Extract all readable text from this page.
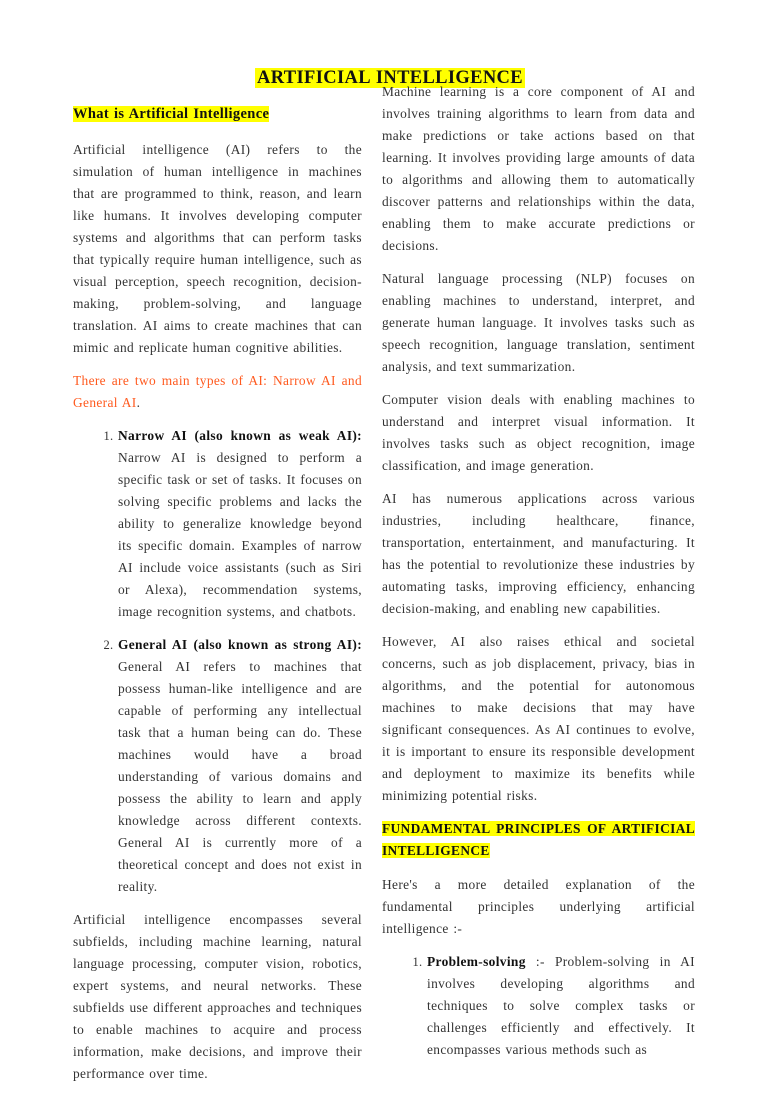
ARTIFICIAL INTELLIGENCE
What is Artificial Intelligence

Artificial intelligence (AI) refers to the simulation of human intelligence in machines that are programmed to think, reason, and learn like humans. It involves developing computer systems and algorithms that can perform tasks that typically require human intelligence, such as visual perception, speech recognition, decision-making, problem-solving, and language translation. AI aims to create machines that can mimic and replicate human cognitive abilities.

There are two main types of AI: Narrow AI and General AI.

1. Narrow AI (also known as weak AI): Narrow AI is designed to perform a specific task or set of tasks. It focuses on solving specific problems and lacks the ability to generalize knowledge beyond its specific domain. Examples of narrow AI include voice assistants (such as Siri or Alexa), recommendation systems, image recognition systems, and chatbots.
2. General AI (also known as strong AI): General AI refers to machines that possess human-like intelligence and are capable of performing any intellectual task that a human being can do. These machines would have a broad understanding of various domains and possess the ability to learn and apply knowledge across different contexts. General AI is currently more of a theoretical concept and does not exist in reality.

Artificial intelligence encompasses several subfields, including machine learning, natural language processing, computer vision, robotics, expert systems, and neural networks. These subfields use different approaches and techniques to enable machines to acquire and process information, make decisions, and improve their performance over time.

Machine learning is a core component of AI and involves training algorithms to learn from data and make predictions or take actions based on that learning. It involves providing large amounts of data to algorithms and allowing them to automatically discover patterns and relationships within the data, enabling them to make accurate predictions or decisions.

Natural language processing (NLP) focuses on enabling machines to understand, interpret, and generate human language. It involves tasks such as speech recognition, language translation, sentiment analysis, and text summarization.

Computer vision deals with enabling machines to understand and interpret visual information. It involves tasks such as object recognition, image classification, and image generation.

AI has numerous applications across various industries, including healthcare, finance, transportation, entertainment, and manufacturing. It has the potential to revolutionize these industries by automating tasks, improving efficiency, enhancing decision-making, and enabling new capabilities.

However, AI also raises ethical and societal concerns, such as job displacement, privacy, bias in algorithms, and the potential for autonomous machines to make decisions that may have significant consequences. As AI continues to evolve, it is important to ensure its responsible development and deployment to maximize its benefits while minimizing potential risks.

FUNDAMENTAL PRINCIPLES OF ARTIFICIAL INTELLIGENCE

Here's a more detailed explanation of the fundamental principles underlying artificial intelligence :-

1. Problem-solving :- Problem-solving in AI involves developing algorithms and techniques to solve complex tasks or challenges efficiently and effectively. It encompasses various methods such as
